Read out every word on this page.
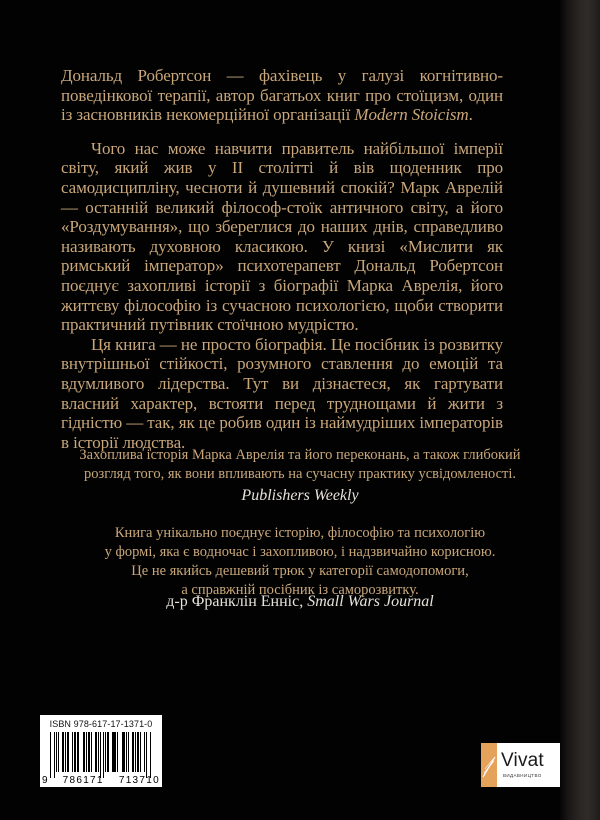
Дональд Робертсон — фахівець у галузі когнітивно-поведінкової терапії, автор багатьох книг про стоїцизм, один із засновників некомерційної організації Modern Stoicism.

Чого нас може навчити правитель найбільшої імперії світу, який жив у II столітті й вів щоденник про самодисципліну, чесноти й душевний спокій? Марк Аврелій — останній великий філософ-стоїк античного світу, а його «Роздумування», що збереглися до наших днів, справедливо називають духовною класикою. У книзі «Мислити як римський імператор» психотерапевт Дональд Робертсон поєднує захопливі історії з біографії Марка Аврелія, його життєву філософію із сучасною психологією, щоби створити практичний путівник стоїчною мудрістю.

Ця книга — не просто біографія. Це посібник із розвитку внутрішньої стійкості, розумного ставлення до емоцій та вдумливого лідерства. Тут ви дізнаєтеся, як гартувати власний характер, встояти перед труднощами й жити з гідністю — так, як це робив один із наймудріших імператорів в історії людства.

Захоплива історія Марка Аврелія та його переконань, а також глибокий
розгляд того, як вони впливають на сучасну практику усвідомленості.
Publishers Weekly
Книга унікально поєднує історію, філософію та психологію
у формі, яка є водночас і захопливою, і надзвичайно корисною.
Це не якийсь дешевий трюк у категорії самодопомоги,
а справжній посібник із саморозвитку.
д-р Франклін Енніс, Small Wars Journal
ISBN 978-617-17-1371-0
9 786171 713710
Vivat
ВИДАВНИЦТВО
